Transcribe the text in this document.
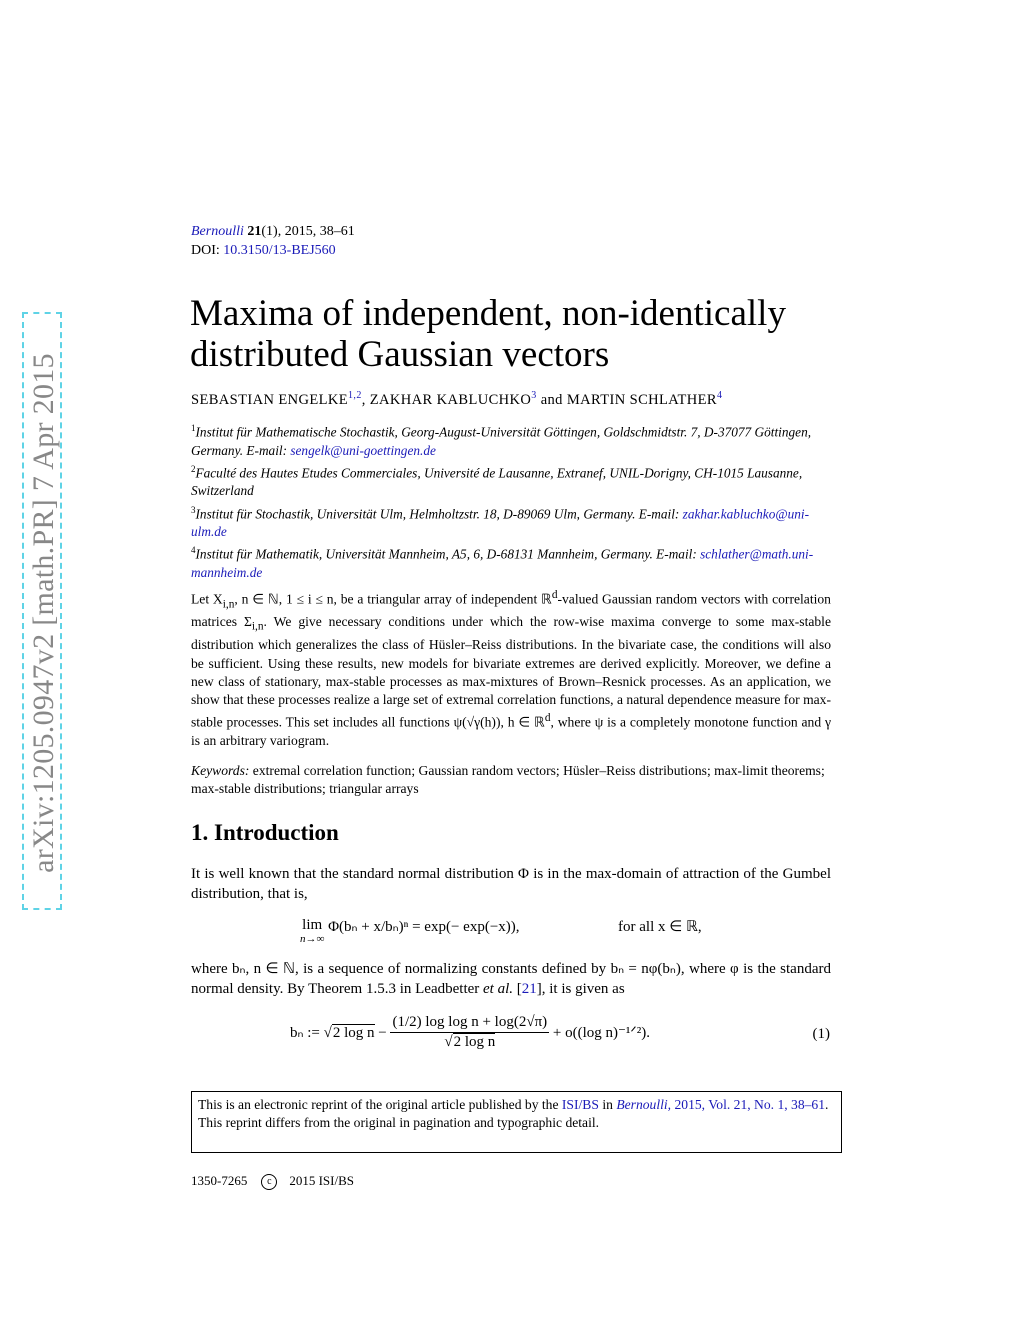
arXiv:1205.0947v2 [math.PR] 7 Apr 2015
Bernoulli 21(1), 2015, 38–61
DOI: 10.3150/13-BEJ560
Maxima of independent, non-identically distributed Gaussian vectors
SEBASTIAN ENGELKE$^{1,2}$, ZAKHAR KABLUCHKO$^3$ and MARTIN SCHLATHER$^4$
$^1$Institut für Mathematische Stochastik, Georg-August-Universität Göttingen, Goldschmidtstr. 7, D-37077 Göttingen, Germany. E-mail: sengelk@uni-goettingen.de
$^2$Faculté des Hautes Etudes Commerciales, Université de Lausanne, Extranef, UNIL-Dorigny, CH-1015 Lausanne, Switzerland
$^3$Institut für Stochastik, Universität Ulm, Helmholtzstr. 18, D-89069 Ulm, Germany. E-mail: zakhar.kabluchko@uni-ulm.de
$^4$Institut für Mathematik, Universität Mannheim, A5, 6, D-68131 Mannheim, Germany. E-mail: schlather@math.uni-mannheim.de
Let $X_{i,n}$, n ∈ ℕ, 1 ≤ i ≤ n, be a triangular array of independent ℝ$^d$-valued Gaussian random vectors with correlation matrices $\Sigma_{i,n}$. We give necessary conditions under which the row-wise maxima converge to some max-stable distribution which generalizes the class of Hüsler–Reiss distributions. In the bivariate case, the conditions will also be sufficient. Using these results, new models for bivariate extremes are derived explicitly. Moreover, we define a new class of stationary, max-stable processes as max-mixtures of Brown–Resnick processes. As an application, we show that these processes realize a large set of extremal correlation functions, a natural dependence measure for max-stable processes. This set includes all functions ψ(√γ(h)), h ∈ ℝ$^d$, where ψ is a completely monotone function and γ is an arbitrary variogram.
Keywords: extremal correlation function; Gaussian random vectors; Hüsler–Reiss distributions; max-limit theorems; max-stable distributions; triangular arrays
1. Introduction
It is well known that the standard normal distribution Φ is in the max-domain of attraction of the Gumbel distribution, that is,
lim
n→∞
Φ(bₙ + x/bₙ)ⁿ = exp(− exp(−x)),	for all x ∈ ℝ,
where bₙ, n ∈ ℕ, is a sequence of normalizing constants defined by bₙ = nφ(bₙ), where φ is the standard normal density. By Theorem 1.5.3 in Leadbetter et al. [21], it is given as
bₙ := √2 $\log n - \frac{\text{(1/2) log log n + log(2√π)}}{\text{√2 log n}} + o((\log$ n)⁻¹ᐟ²).	(1)
This is an electronic reprint of the original article published by the ISI/BS in Bernoulli, 2015, Vol. 21, No. 1, 38–61. This reprint differs from the original in pagination and typographic detail.
1350-7265 c 2015 ISI/BS
